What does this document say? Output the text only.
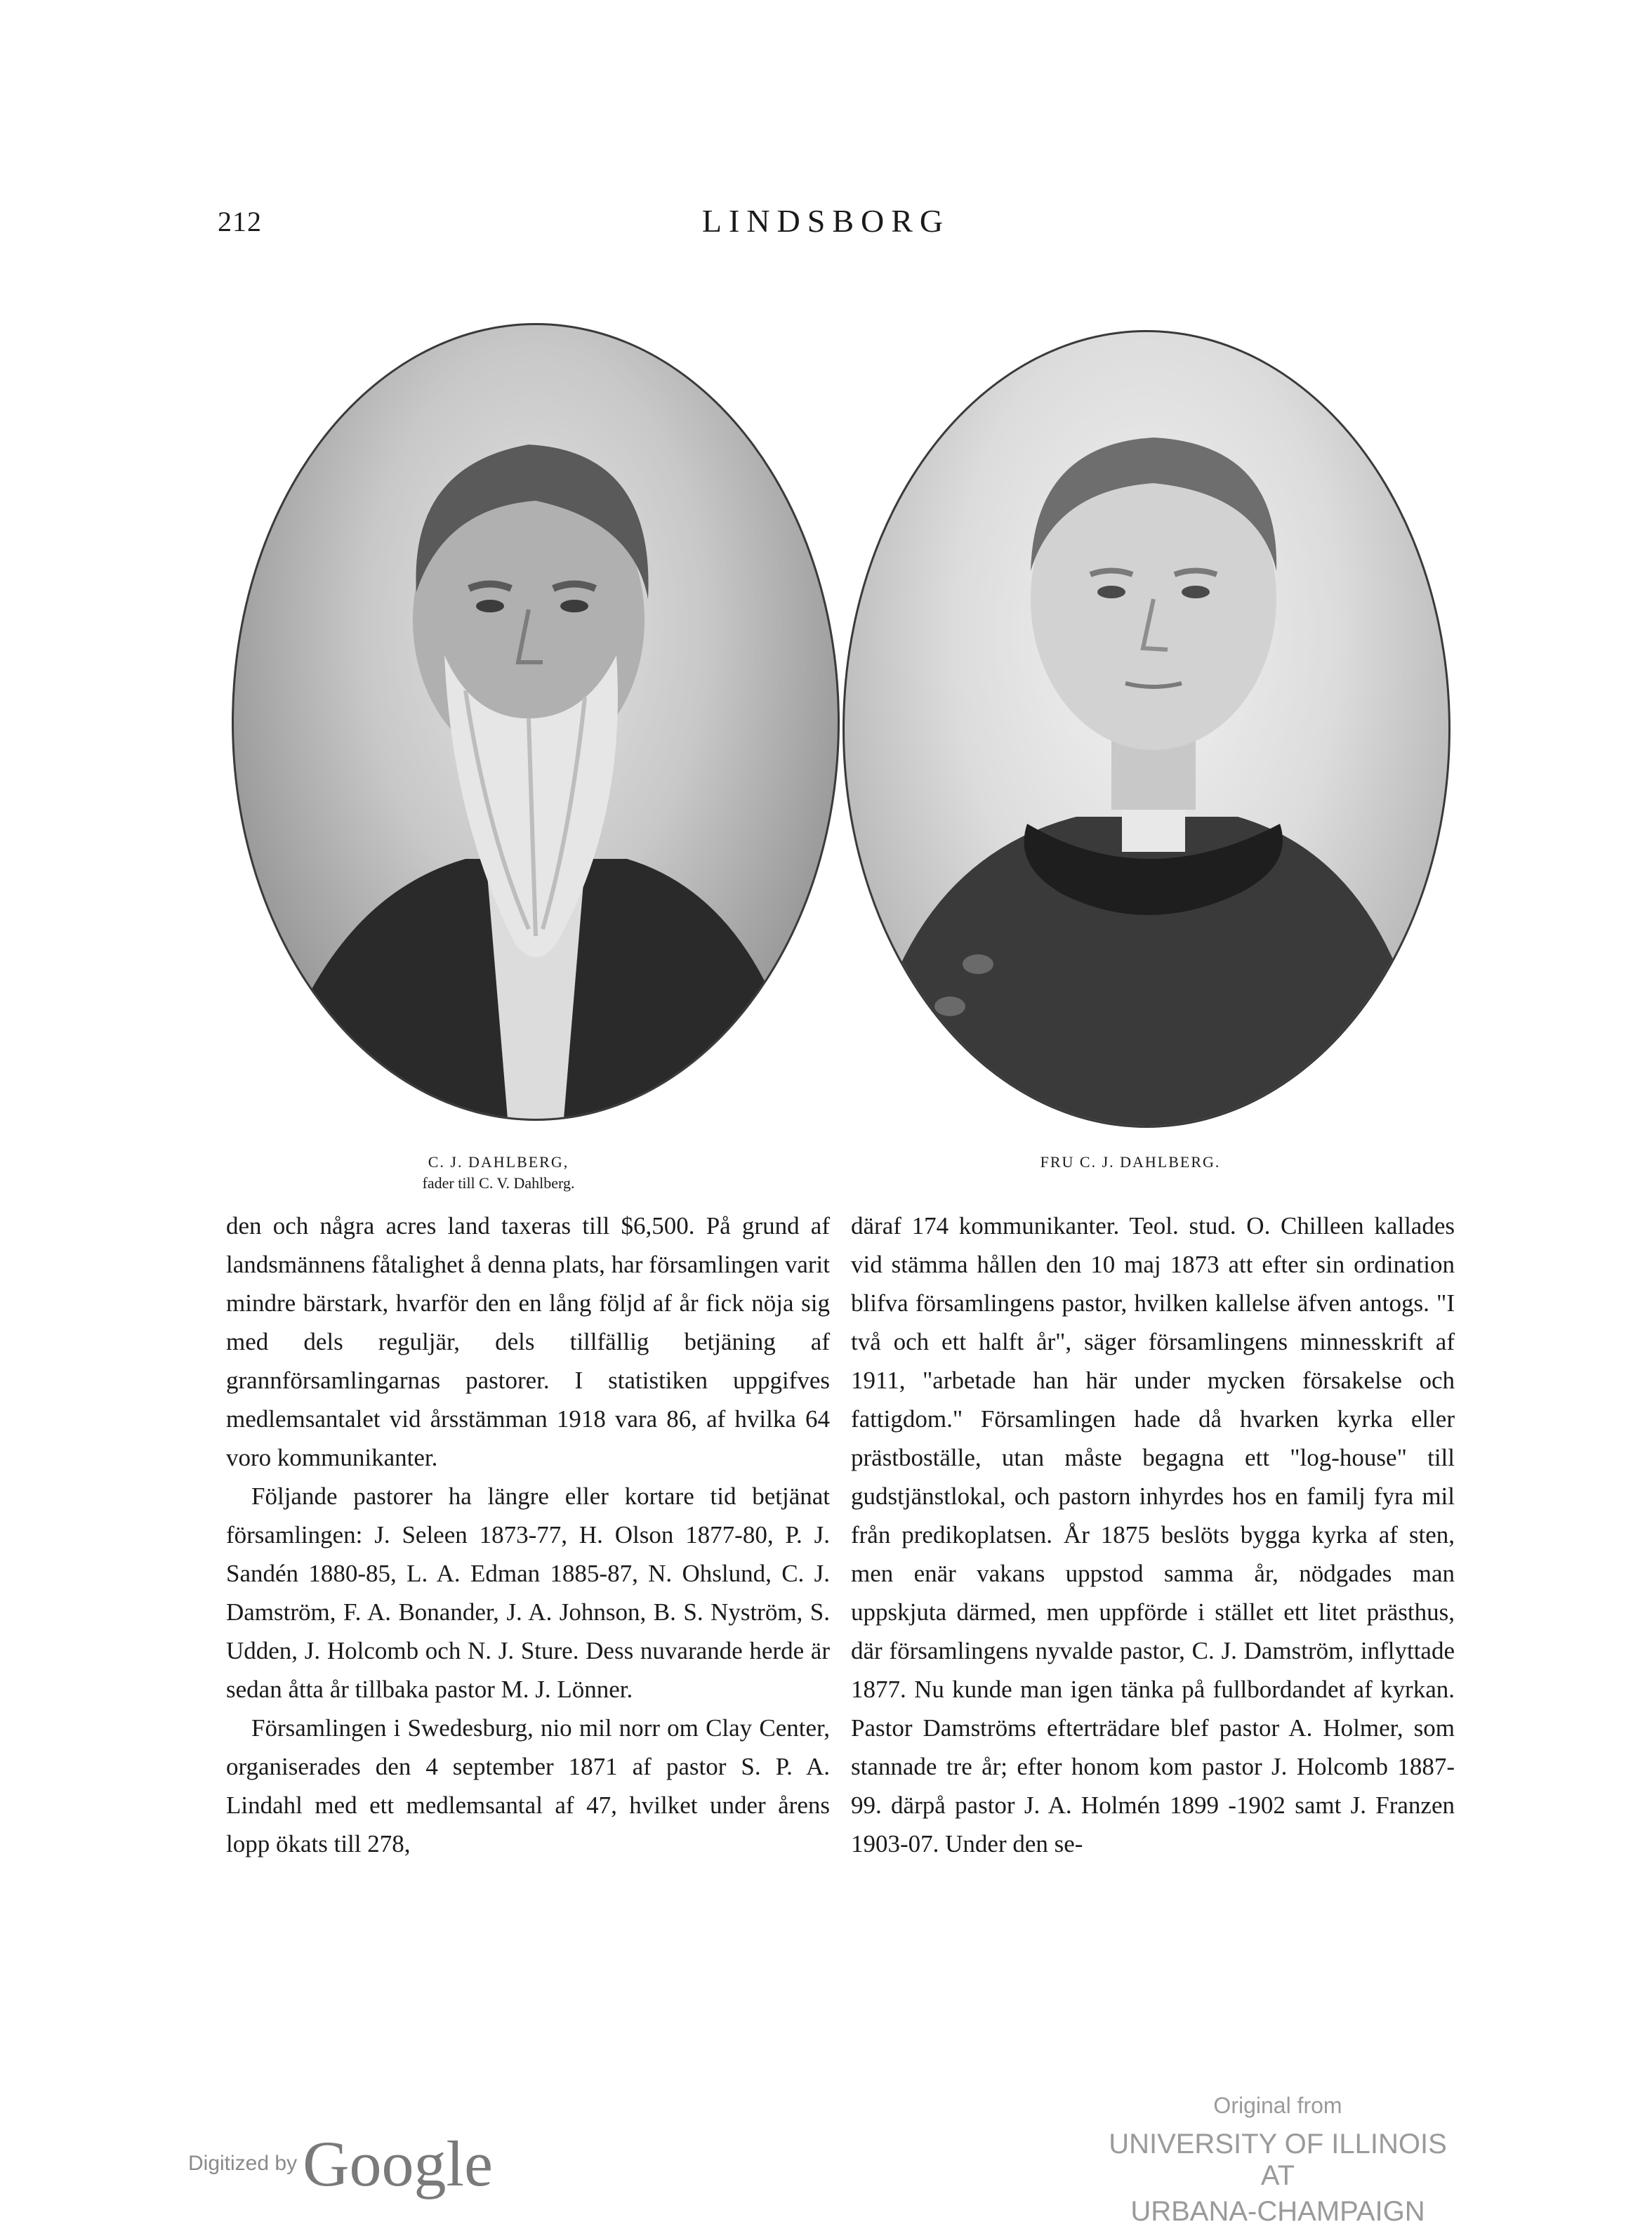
212	LINDSBORG
C. J. DAHLBERG,
fader till C. V. Dahlberg.
FRU C. J. DAHLBERG.

den och några acres land taxeras till $6,500. På grund af landsmännens fåtalighet å denna plats, har församlingen varit mindre bärstark, hvarför den en lång följd af år fick nöja sig med dels reguljär, dels tillfällig betjäning af grannförsamlingarnas pastorer. I statistiken uppgifves medlemsantalet vid årsstämman 1918 vara 86, af hvilka 64 voro kommunikanter.

Följande pastorer ha längre eller kortare tid betjänat församlingen: J. Seleen 1873-77, H. Olson 1877-80, P. J. Sandén 1880-85, L. A. Edman 1885-87, N. Ohslund, C. J. Damström, F. A. Bonander, J. A. Johnson, B. S. Nyström, S. Udden, J. Holcomb och N. J. Sture. Dess nuvarande herde är sedan åtta år tillbaka pastor M. J. Lönner.

Församlingen i Swedesburg, nio mil norr om Clay Center, organiserades den 4 september 1871 af pastor S. P. A. Lindahl med ett medlemsantal af 47, hvilket under årens lopp ökats till 278,

däraf 174 kommunikanter. Teol. stud. O. Chilleen kallades vid stämma hållen den 10 maj 1873 att efter sin ordination blifva församlingens pastor, hvilken kallelse äfven antogs. "I två och ett halft år", säger församlingens minnesskrift af 1911, "arbetade han här under mycken försakelse och fattigdom." Församlingen hade då hvarken kyrka eller prästboställe, utan måste begagna ett "log-house" till gudstjänstlokal, och pastorn inhyrdes hos en familj fyra mil från predikoplatsen. År 1875 beslöts bygga kyrka af sten, men enär vakans uppstod samma år, nödgades man uppskjuta därmed, men uppförde i stället ett litet prästhus, där församlingens nyvalde pastor, C. J. Damström, inflyttade 1877. Nu kunde man igen tänka på fullbordandet af kyrkan. Pastor Damströms efterträdare blef pastor A. Holmer, som stannade tre år; efter honom kom pastor J. Holcomb 1887-99. därpå pastor J. A. Holmén 1899 -1902 samt J. Franzen 1903-07. Under den se-

Digitized byGoogle
Original from
UNIVERSITY OF ILLINOIS AT
URBANA-CHAMPAIGN
